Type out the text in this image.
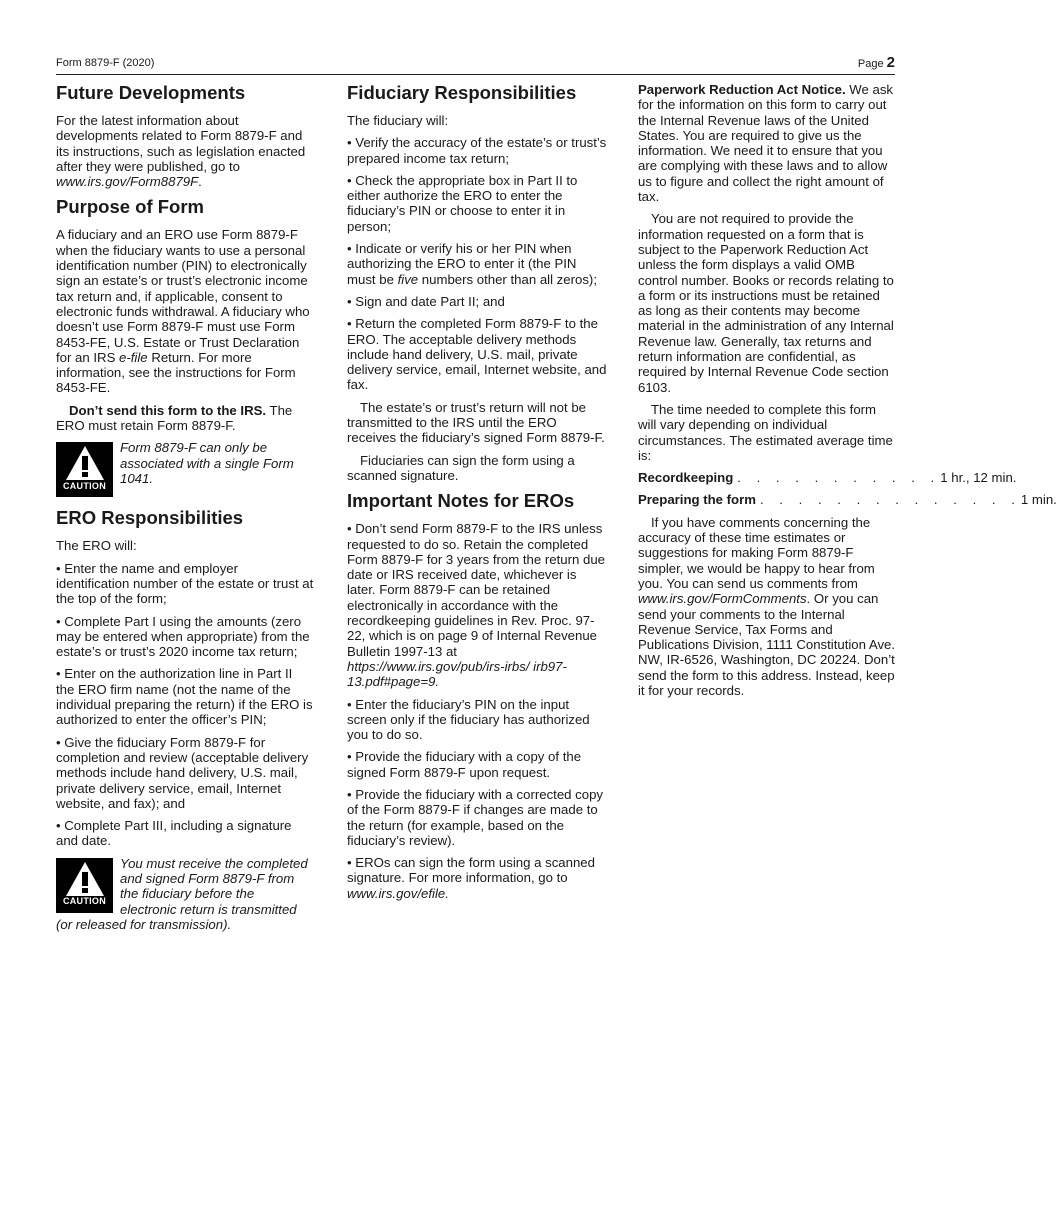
Form 8879-F (2020)	Page 2
Future Developments

For the latest information about developments related to Form 8879-F and its instructions, such as legislation enacted after they were published, go to www.irs.gov/Form8879F.

Purpose of Form

A fiduciary and an ERO use Form 8879-F when the fiduciary wants to use a personal identification number (PIN) to electronically sign an estate’s or trust’s electronic income tax return and, if applicable, consent to electronic funds withdrawal. A fiduciary who doesn’t use Form 8879-F must use Form 8453-FE, U.S. Estate or Trust Declaration for an IRS e-file Return. For more information, see the instructions for Form 8453-FE.

Don’t send this form to the IRS. The ERO must retain Form 8879-F.

CAUTION
Form 8879-F can only be associated with a single Form 1041.
ERO Responsibilities

The ERO will:

• Enter the name and employer identification number of the estate or trust at the top of the form;

• Complete Part I using the amounts (zero may be entered when appropriate) from the estate’s or trust’s 2020 income tax return;

• Enter on the authorization line in Part II the ERO firm name (not the name of the individual preparing the return) if the ERO is authorized to enter the officer’s PIN;

• Give the fiduciary Form 8879-F for completion and review (acceptable delivery methods include hand delivery, U.S. mail, private delivery service, email, Internet website, and fax); and

• Complete Part III, including a signature and date.

CAUTION
You must receive the completed and signed Form 8879-F from the fiduciary before the electronic return is transmitted (or released for transmission).
Fiduciary Responsibilities

The fiduciary will:

• Verify the accuracy of the estate’s or trust’s prepared income tax return;

• Check the appropriate box in Part II to either authorize the ERO to enter the fiduciary’s PIN or choose to enter it in person;

• Indicate or verify his or her PIN when authorizing the ERO to enter it (the PIN must be five numbers other than all zeros);

• Sign and date Part II; and

• Return the completed Form 8879-F to the ERO. The acceptable delivery methods include hand delivery, U.S. mail, private delivery service, email, Internet website, and fax.

The estate’s or trust’s return will not be transmitted to the IRS until the ERO receives the fiduciary’s signed Form 8879-F.

Fiduciaries can sign the form using a scanned signature.

Important Notes for EROs

• Don’t send Form 8879-F to the IRS unless requested to do so. Retain the completed Form 8879-F for 3 years from the return due date or IRS received date, whichever is later. Form 8879-F can be retained electronically in accordance with the recordkeeping guidelines in Rev. Proc. 97-22, which is on page 9 of Internal Revenue Bulletin 1997-13 at https://www.irs.gov/pub/irs-irbs/ irb97-13.pdf#page=9.

• Enter the fiduciary’s PIN on the input screen only if the fiduciary has authorized you to do so.

• Provide the fiduciary with a copy of the signed Form 8879-F upon request.

• Provide the fiduciary with a corrected copy of the Form 8879-F if changes are made to the return (for example, based on the fiduciary’s review).

• EROs can sign the form using a scanned signature. For more information, go to www.irs.gov/efile.

Paperwork Reduction Act Notice. We ask for the information on this form to carry out the Internal Revenue laws of the United States. You are required to give us the information. We need it to ensure that you are complying with these laws and to allow us to figure and collect the right amount of tax.

You are not required to provide the information requested on a form that is subject to the Paperwork Reduction Act unless the form displays a valid OMB control number. Books or records relating to a form or its instructions must be retained as long as their contents may become material in the administration of any Internal Revenue law. Generally, tax returns and return information are confidential, as required by Internal Revenue Code section 6103.

The time needed to complete this form will vary depending on individual circumstances. The estimated average time is:

Recordkeeping . . . . . . . . . . . 1 hr., 12 min.
Preparing the form . . . . . . . . . . . . . . 1 min.

If you have comments concerning the accuracy of these time estimates or suggestions for making Form 8879-F simpler, we would be happy to hear from you. You can send us comments from www.irs.gov/FormComments. Or you can send your comments to the Internal Revenue Service, Tax Forms and Publications Division, 1111 Constitution Ave. NW, IR-6526, Washington, DC 20224. Don’t send the form to this address. Instead, keep it for your records.
